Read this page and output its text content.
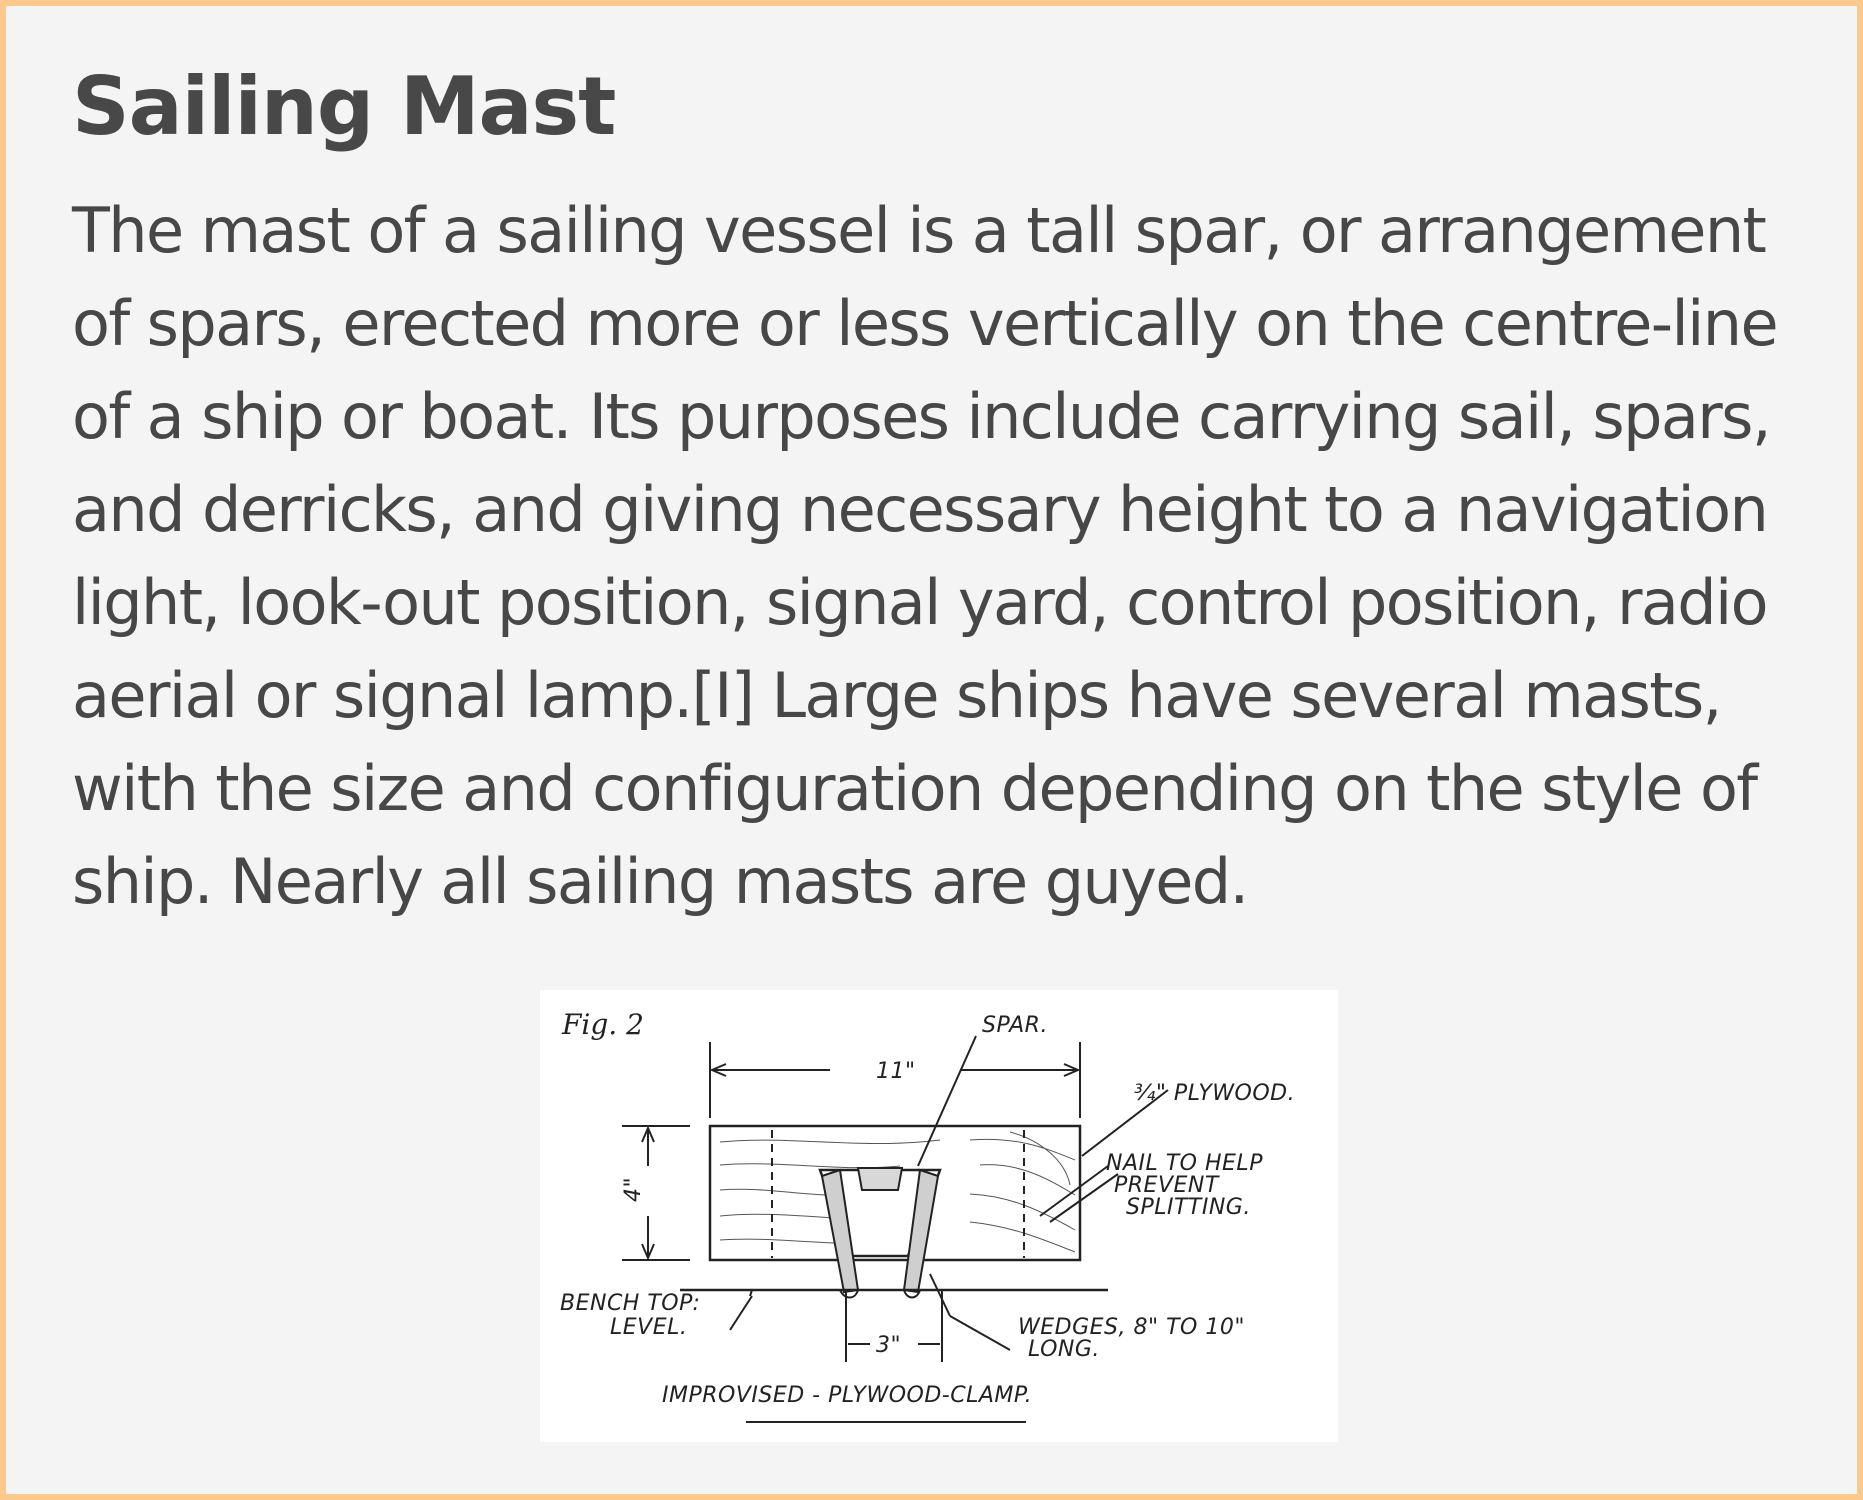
Sailing Mast

The mast of a sailing vessel is a tall spar, or arrangement of spars, erected more or less vertically on the centre-line of a ship or boat. Its purposes include carrying sail, spars, and derricks, and giving necessary height to a navigation light, look-out position, signal yard, control position, radio aerial or signal lamp.[I] Large ships have several masts, with the size and configuration depending on the style of ship. Nearly all sailing masts are guyed.

Fig. 2	SPAR.
11"
¾" PLYWOOD.
4"
NAIL TO HELP
PREVENT
SPLITTING.
BENCH TOP:
LEVEL.
3"
WEDGES, 8" TO 10"
LONG.
IMPROVISED - PLYWOOD-CLAMP.
